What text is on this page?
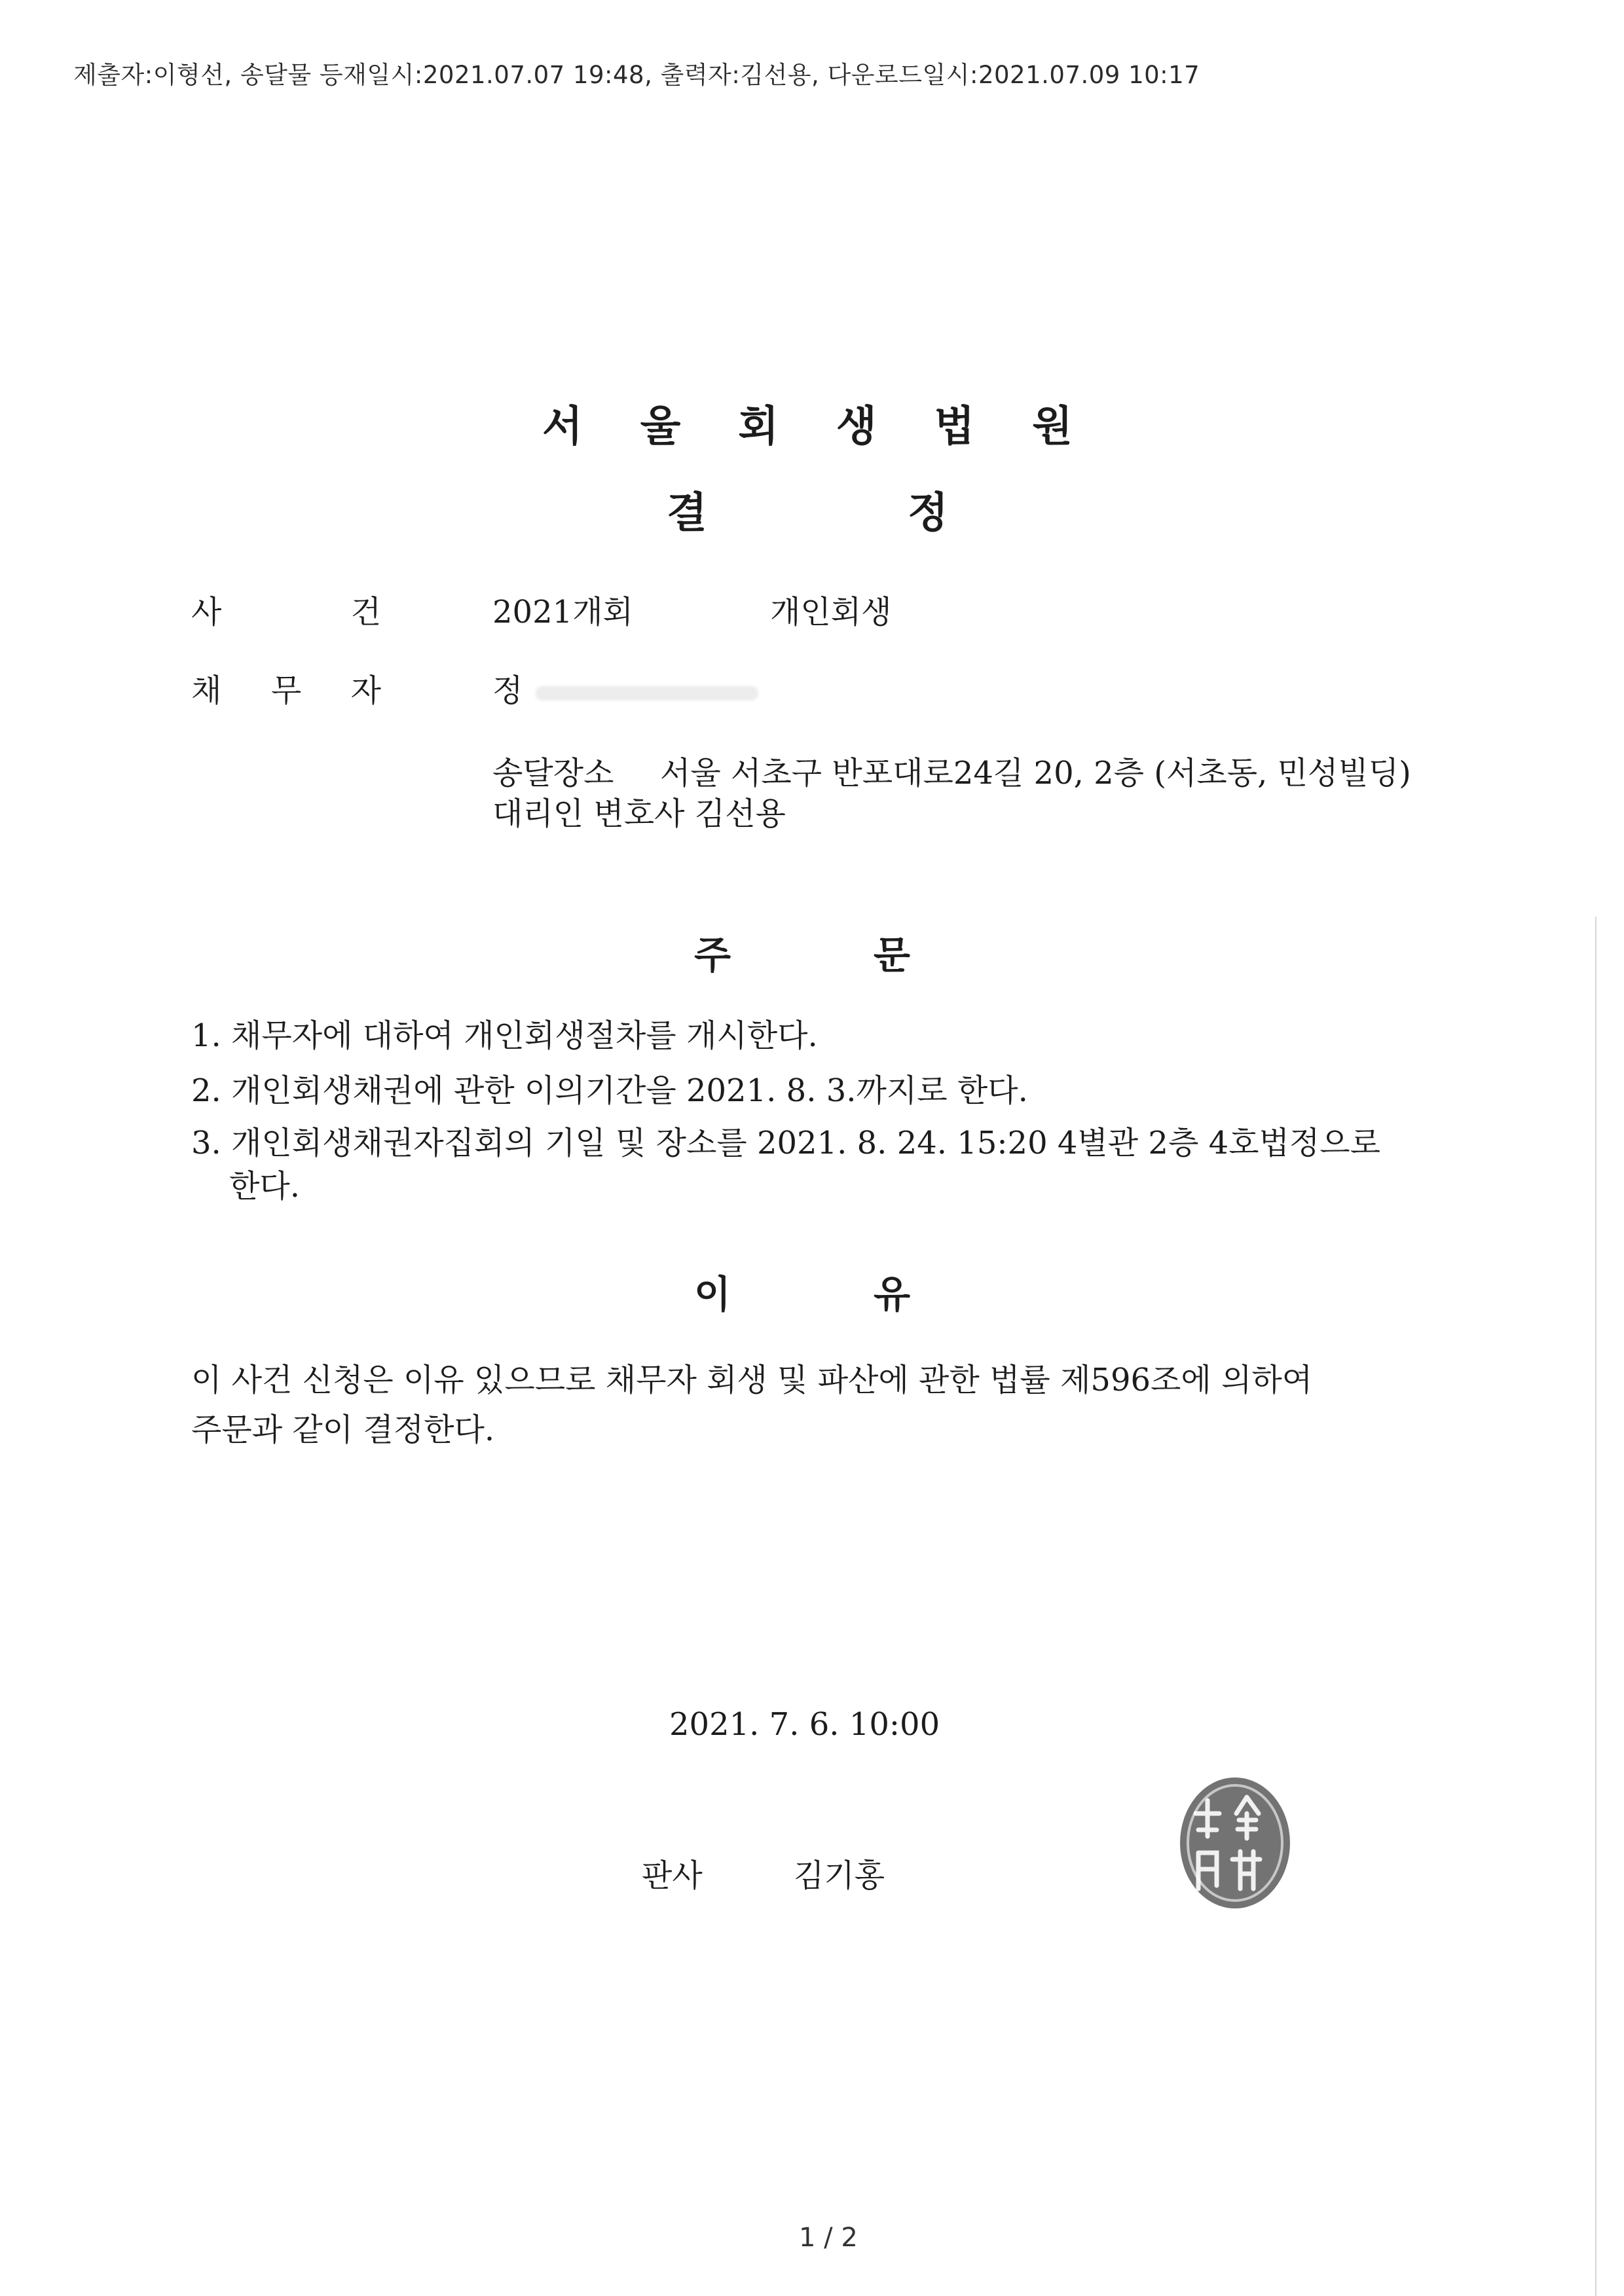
제출자:이형선, 송달물 등재일시:2021.07.07 19:48, 출력자:김선용, 다운로드일시:2021.07.09 10:17
서 울 회 생 법 원
결	정
사	건	2021개회	개인회생
채 무 자	정
송달장소 서울 서초구 반포대로24길 20, 2층 (서초동, 민성빌딩)
대리인 변호사 김선용
주	문
1. 채무자에 대하여 개인회생절차를 개시한다.
2. 개인회생채권에 관한 이의기간을 2021. 8. 3.까지로 한다.
3. 개인회생채권자집회의 기일 및 장소를 2021. 8. 24. 15:20 4별관 2층 4호법정으로
한다.
이	유
이 사건 신청은 이유 있으므로 채무자 회생 및 파산에 관한 법률 제596조에 의하여
주문과 같이 결정한다.
2021. 7. 6. 10:00
판사	김기홍
1 / 2
